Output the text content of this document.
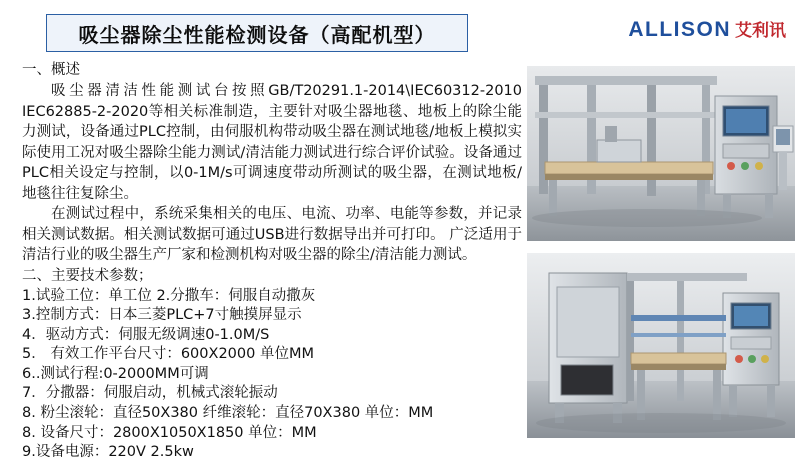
吸尘器除尘性能检测设备（高配机型）	ALLISON 艾利讯
一、概述

吸尘器清洁性能测试台按照GB/T20291.1-2014\IEC60312-2010 IEC62885-2-2020等相关标准制造，主要针对吸尘器地毯、地板上的除尘能力测试，设备通过PLC控制，由伺服机构带动吸尘器在测试地毯/地板上模拟实际使用工况对吸尘器除尘能力测试/清洁能力测试进行综合评价试验。设备通过PLC相关设定与控制，以0-1M/s可调速度带动所测试的吸尘器，在测试地板/地毯往往复除尘。

在测试过程中，系统采集相关的电压、电流、功率、电能等参数，并记录相关测试数据。相关测试数据可通过USB进行数据导出并可打印。 广泛适用于清洁行业的吸尘器生产厂家和检测机构对吸尘器的除尘/清洁能力测试。

二、主要技术参数；
1.试验工位：单工位 2.分撒车：伺服自动撒灰
3.控制方式：日本三菱PLC+7寸触摸屏显示
4．驱动方式：伺服无级调速0-1.0M/S
5． 有效工作平台尺寸：600X2000 单位MM
6..测试行程:0-2000MM可调
7．分撒器：伺服启动，机械式滚轮振动
8. 粉尘滚轮：直径50X380 纤维滚轮：直径70X380 单位：MM
8. 设备尺寸：2800X1050X1850 单位：MM
9.设备电源：220V 2.5kw
